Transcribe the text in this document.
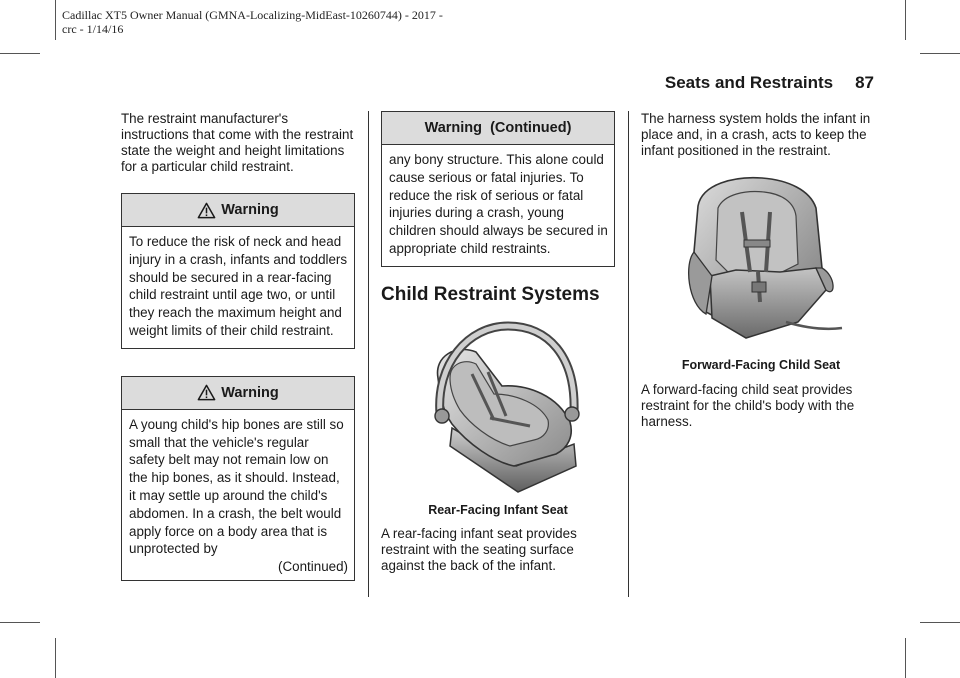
Cadillac XT5 Owner Manual (GMNA-Localizing-MidEast-10260744) - 2017 -
crc - 1/14/16
Seats and Restraints 87

The restraint manufacturer's instructions that come with the restraint state the weight and height limitations for a particular child restraint.

Warning
To reduce the risk of neck and head injury in a crash, infants and toddlers should be secured in a rear-facing child restraint until age two, or until they reach the maximum height and weight limits of their child restraint.
Warning
A young child's hip bones are still so small that the vehicle's regular safety belt may not remain low on the hip bones, as it should. Instead, it may settle up around the child's abdomen. In a crash, the belt would apply force on a body area that is unprotected by
(Continued)
Warning  (Continued)
any bony structure. This alone could cause serious or fatal injuries. To reduce the risk of serious or fatal injuries during a crash, young children should always be secured in appropriate child restraints.
Child Restraint Systems
Rear-Facing Infant Seat

A rear-facing infant seat provides restraint with the seating surface against the back of the infant.

The harness system holds the infant in place and, in a crash, acts to keep the infant positioned in the restraint.

Forward-Facing Child Seat

A forward-facing child seat provides restraint for the child's body with the harness.
